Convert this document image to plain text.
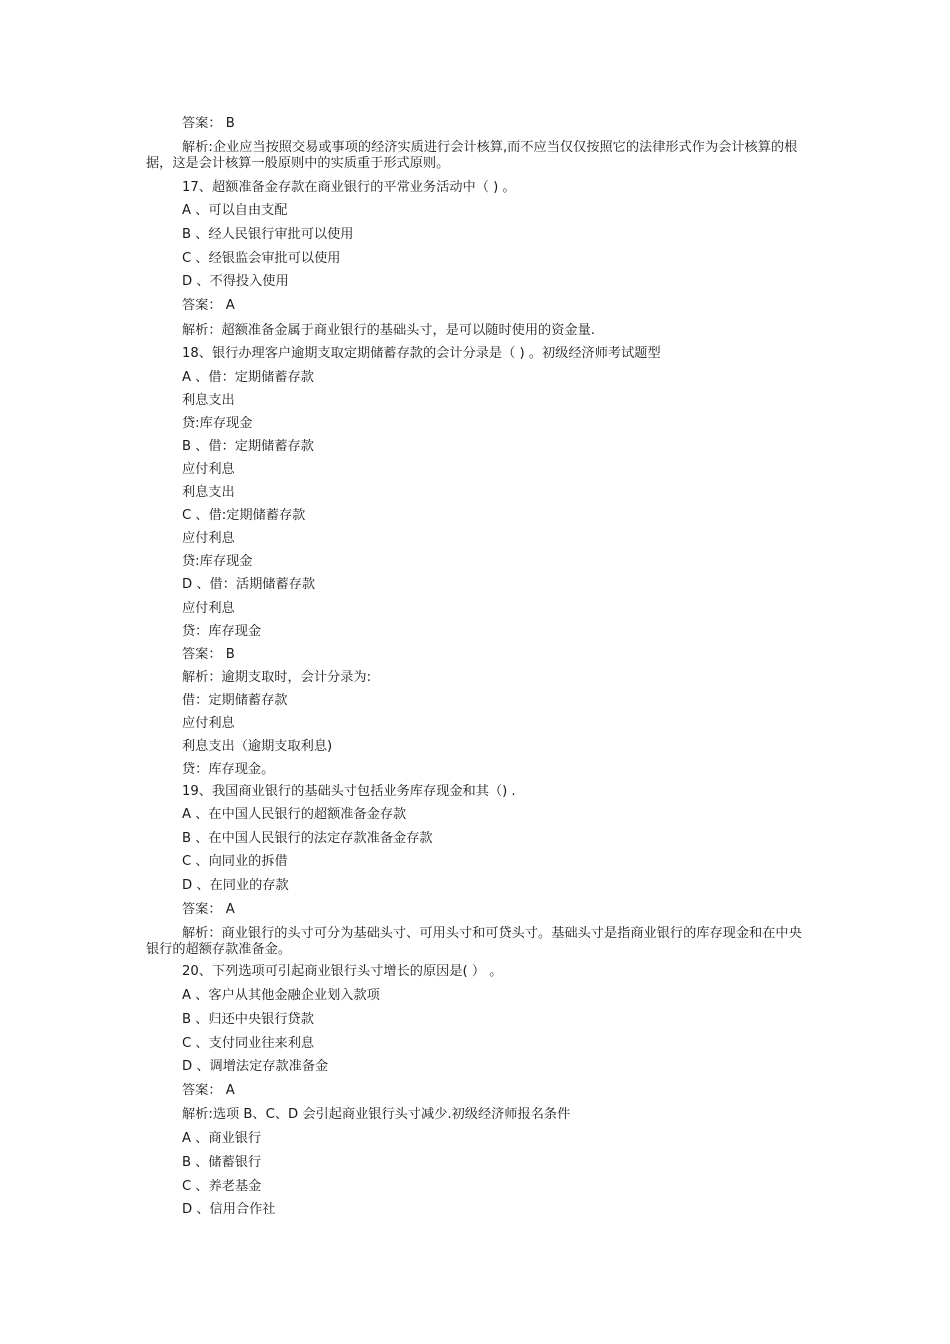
答案： B
解析:企业应当按照交易或事项的经济实质进行会计核算,而不应当仅仅按照它的法律形式作为会计核算的根据，这是会计核算一般原则中的实质重于形式原则。
17、超额准备金存款在商业银行的平常业务活动中（ ) 。
A 、可以自由支配
B 、经人民银行审批可以使用
C 、经银监会审批可以使用
D 、不得投入使用
答案： A
解析：超额准备金属于商业银行的基础头寸，是可以随时使用的资金量.
18、银行办理客户逾期支取定期储蓄存款的会计分录是（ ) 。初级经济师考试题型
A 、借：定期储蓄存款
利息支出
贷:库存现金
B 、借：定期储蓄存款
应付利息
利息支出
C 、借:定期储蓄存款
应付利息
贷:库存现金
D 、借：活期储蓄存款
应付利息
贷：库存现金
答案： B
解析：逾期支取时，会计分录为:
借：定期储蓄存款
应付利息
利息支出（逾期支取利息)
贷：库存现金。
19、我国商业银行的基础头寸包括业务库存现金和其（) .
A 、在中国人民银行的超额准备金存款
B 、在中国人民银行的法定存款准备金存款
C 、向同业的拆借
D 、在同业的存款
答案： A
解析：商业银行的头寸可分为基础头寸、可用头寸和可贷头寸。基础头寸是指商业银行的库存现金和在中央银行的超额存款准备金。
20、下列选项可引起商业银行头寸增长的原因是( ） 。
A 、客户从其他金融企业划入款项
B 、归还中央银行贷款
C 、支付同业往来利息
D 、调增法定存款准备金
答案： A
解析:选项 B、C、D 会引起商业银行头寸减少.初级经济师报名条件
A 、商业银行
B 、储蓄银行
C 、养老基金
D 、信用合作社
